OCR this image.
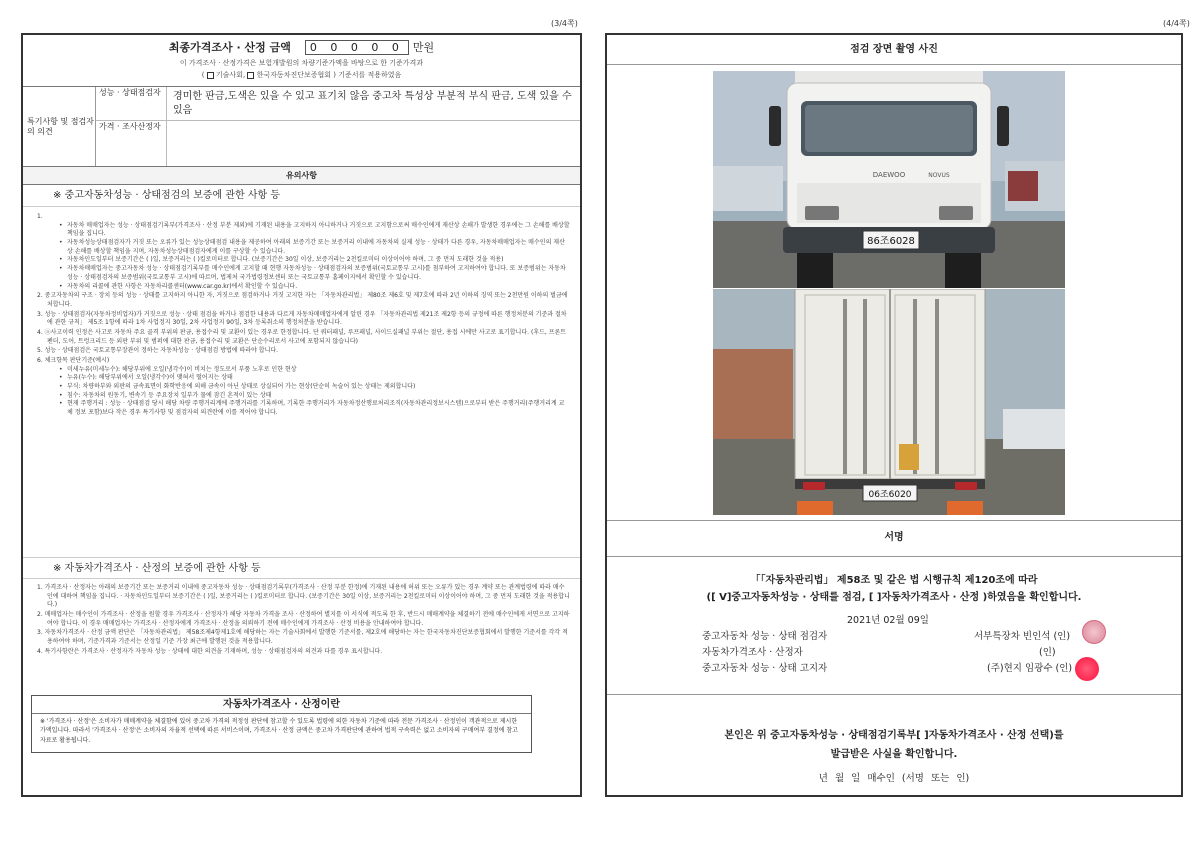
(3/4쪽)	(4/4쪽)
최종가격조사 · 산정 금액	0 0 0 0 0 만원
이 가격조사 · 산정가격은 보험개발원의 차량기준가액을 바탕으로 한 기준가격과
(  기술사회,  한국자동차진단보증협회 ) 기준서를 적용하였음
특기사항 및 점검자의 의견
성능 · 상태점검자	경미한 판금,도색은 있을 수 있고 표기치 않음 중고차 특성상 부분적 부식 판금, 도색 있을 수 있음
가격 · 조사산정자
유의사항
※ 중고자동차성능 · 상태점검의 보증에 관한 사항 등
1.
• 자동차 매매업자는 성능 · 상태점검기록부(가격조사 · 산정 부분 제외)에 기재된 내용을 고지하지 아니하거나 거짓으로 고지함으로써 매수인에게 재산상 손해가 발생한 경우에는 그 손해를 배상할 책임을 집니다.
• 자동차성능상태점검자가 거짓 또는 오류가 있는 성능상태점검 내용을 제공하여 아래의 보증기간 또는 보증거리 이내에 자동차의 실제 성능 · 상태가 다른 경우, 자동차매매업자는 매수인의 재산상 손해를 배상할 책임을 지며, 자동차성능상태점검자에게 이를 구상할 수 있습니다.
• 자동차인도일부터 보증기간은 ( )일, 보증거리는 ( )킬로미터로 합니다. (보증기간은 30일 이상, 보증거리는 2천킬로미터 이상이어야 하며, 그 중 먼저 도래한 것을 적용)
• 자동차매매업자는 중고자동차 성능 · 상태점검기록부를 매수인에게 고지할 때 현행 자동차성능 · 상태점검자의 보증범위(국토교통부 고시)를 첨부하여 고지하여야 합니다. 또 보증범위는 자동차성능 · 상태점검자의 보증범위(국토교통부 고시)에 따르며, 법제처 국가법령정보센터 또는 국토교통부 홈페이지에서 확인할 수 있습니다.
• 자동차의 리콜에 관한 사항은 자동차리콜센터(www.car.go.kr)에서 확인할 수 있습니다.
2. 중고자동차의 구조 · 장치 등의 성능 · 상태를 고지하지 아니한 자, 거짓으로 점검하거나 거짓 고지한 자는 「자동차관리법」 제80조 제6호 및 제7호에 따라 2년 이하의 징역 또는 2천만원 이하의 벌금에 처합니다.
3. 성능 · 상태점검자(자동차정비업자)가 거짓으로 성능 · 상태 점검을 하거나 점검한 내용과 다르게 자동차매매업자에게 알린 경우 「자동차관리법 제21조 제2항 등의 규정에 따른 행정처분의 기준과 절차에 관한 규칙」 제5조 1항에 따라 1차 사업정지 30일, 2차 사업정지 90일, 3차 등록취소의 행정처분을 받습니다.
4. ⓐ사고이력 인정은 사고로 자동차 주요 골격 부위의 판금, 용접수리 및 교환이 있는 경우로 한정합니다. 단 쿼터패널, 루프패널, 사이드실패널 부위는 절단, 용접 시에만 사고로 표기합니다. (후드, 프론트펜더, 도어, 트렁크리드 등 외판 부위 및 범퍼에 대한 판금, 용접수리 및 교환은 단순수리로서 사고에 포함되지 않습니다)
5. 성능 · 상태점검은 국토교통부장관이 정하는 자동차성능 · 상태점검 방법에 따라야 합니다.
6. 체크항목 판단기준(예시)
• 미세누유(미세누수): 해당부위에 오일(냉각수)이 비치는 정도로서 부품 노후로 인한 현상
• 누유(누수): 해당부위에서 오일(냉각수)이 맺혀서 떨어지는 상태
• 부식: 차량하부와 외판의 금속표면이 화학반응에 의해 금속이 아닌 상태로 상실되어 가는 현상(단순히 녹슬어 있는 상태는 제외합니다)
• 침수: 자동차의 원동기, 변속기 등 주요장치 일부가 물에 잠긴 흔적이 있는 상태
• 현재 주행거리 : 성능 · 상태점검 당시 해당 차량 주행거리계에 주행거리를 기록하며, 기록한 주행거리가 자동차정산행료처리조직(자동차관리정보시스템)으로부터 받은 주행거리(주행거리계 교체 정보 포함)보다 작은 경우 특기사항 및 점검자의 의견란에 이를 적어야 합니다.
※ 자동차가격조사 · 산정의 보증에 관한 사항 등
1. 가격조사 · 산정자는 아래의 보증기간 또는 보증거리 이내에 중고자동차 성능 · 상태점검기록부(가격조사 · 산정 부분 한정)에 기재된 내용에 허위 또는 오류가 있는 경우 계약 또는 관계법령에 따라 매수인에 대하여 책임을 집니다. · 자동차인도일부터 보증기간은 ( )일, 보증거리는 ( )킬로미터로 합니다. (보증기간은 30일 이상, 보증거리는 2천킬로미터 이상이어야 하며, 그 중 먼저 도래한 것을 적용합니다.)
2. 매매업자는 매수인이 가격조사 · 산정을 원할 경우 가격조사 · 산정자가 해당 자동차 가격을 조사 · 산정하여 별지를 이 서식에 적도록 한 후, 반드시 매매계약을 체결하기 전에 매수인에게 서면으로 고지하여야 합니다. 이 경우 매매업자는 가격조사 · 산정자에게 가격조사 · 산정을 의뢰하기 전에 매수인에게 가격조사 · 산정 비용을 안내하여야 합니다.
3. 자동차가격조사 · 산정 금액 판단은 「자동차관리법」 제58조제4항제1호에 해당하는 자는 기술사회에서 발행한 기준서를, 제2호에 해당하는 자는 한국자동차진단보증협회에서 발행한 기준서를 각각 적용하여야 하며, 기준가격과 기준서는 산정일 기준 가장 최근에 발행된 것을 적용합니다.
4. 특기사항란은 가격조사 · 산정자가 자동차 성능 · 상태에 대한 의견을 기재하며, 성능 · 상태점검자의 의견과 다를 경우 표시합니다.
자동차가격조사 · 산정이란
※ '가격조사 · 산정'은 소비자가 매매계약을 체결함에 있어 중고차 가격의 적정성 판단에 참고할 수 있도록 법령에 의한 자동차 기준에 따라 전문 가격조사 · 산정인이 객관적으로 제시한 가액입니다. 따라서 '가격조사 · 산정'은 소비자의 자율적 선택에 따른 서비스이며, 가격조사 · 산정 금액은 중고차 가격판단에 관하여 법적 구속력은 없고 소비자의 구매여부 결정에 참고자료로 활용됩니다.
점검 장면 촬영 사진
DAEWOO	NOVUS
86조6028
06조6020
서명
「「자동차관리법」 제58조 및 같은 법 시행규칙 제120조에 따라
([ V]중고자동차성능 · 상태를 점검, [ ]자동차가격조사 · 산정 )하였음을 확인합니다.
2021년 02월 09일
중고자동차 성능 · 상태 점검자	서부특장차 빈인석 (인)
자동차가격조사 · 산정자	(인)
중고자동차 성능 · 상태 고지자	(주)현지 임광수 (인)
본인은 위 중고자동차성능 · 상태점검기록부[ ]자동차가격조사 · 산정 선택)를
발급받은 사실을 확인합니다.
년 월 일 매수인 (서명 또는 인)
